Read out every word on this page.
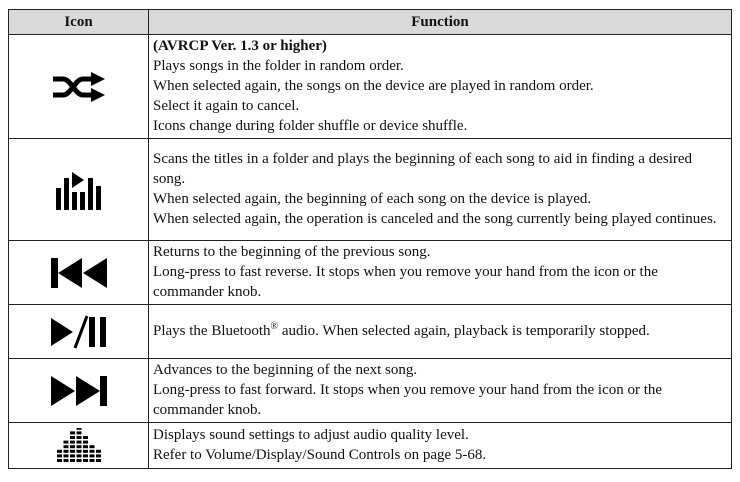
Icon	Function

(AVRCP Ver. 1.3 or higher)
Plays songs in the folder in random order.
When selected again, the songs on the device are played in random order.
Select it again to cancel.
Icons change during folder shuffle or device shuffle.

Scans the titles in a folder and plays the beginning of each song to aid in finding a desired song.
When selected again, the beginning of each song on the device is played.
When selected again, the operation is canceled and the song currently being played continues.

Returns to the beginning of the previous song.
Long-press to fast reverse. It stops when you remove your hand from the icon or the commander knob.

Plays the Bluetooth® audio. When selected again, playback is temporarily stopped.

Advances to the beginning of the next song.
Long-press to fast forward. It stops when you remove your hand from the icon or the commander knob.

Displays sound settings to adjust audio quality level.
Refer to Volume/Display/Sound Controls on page 5-68.
